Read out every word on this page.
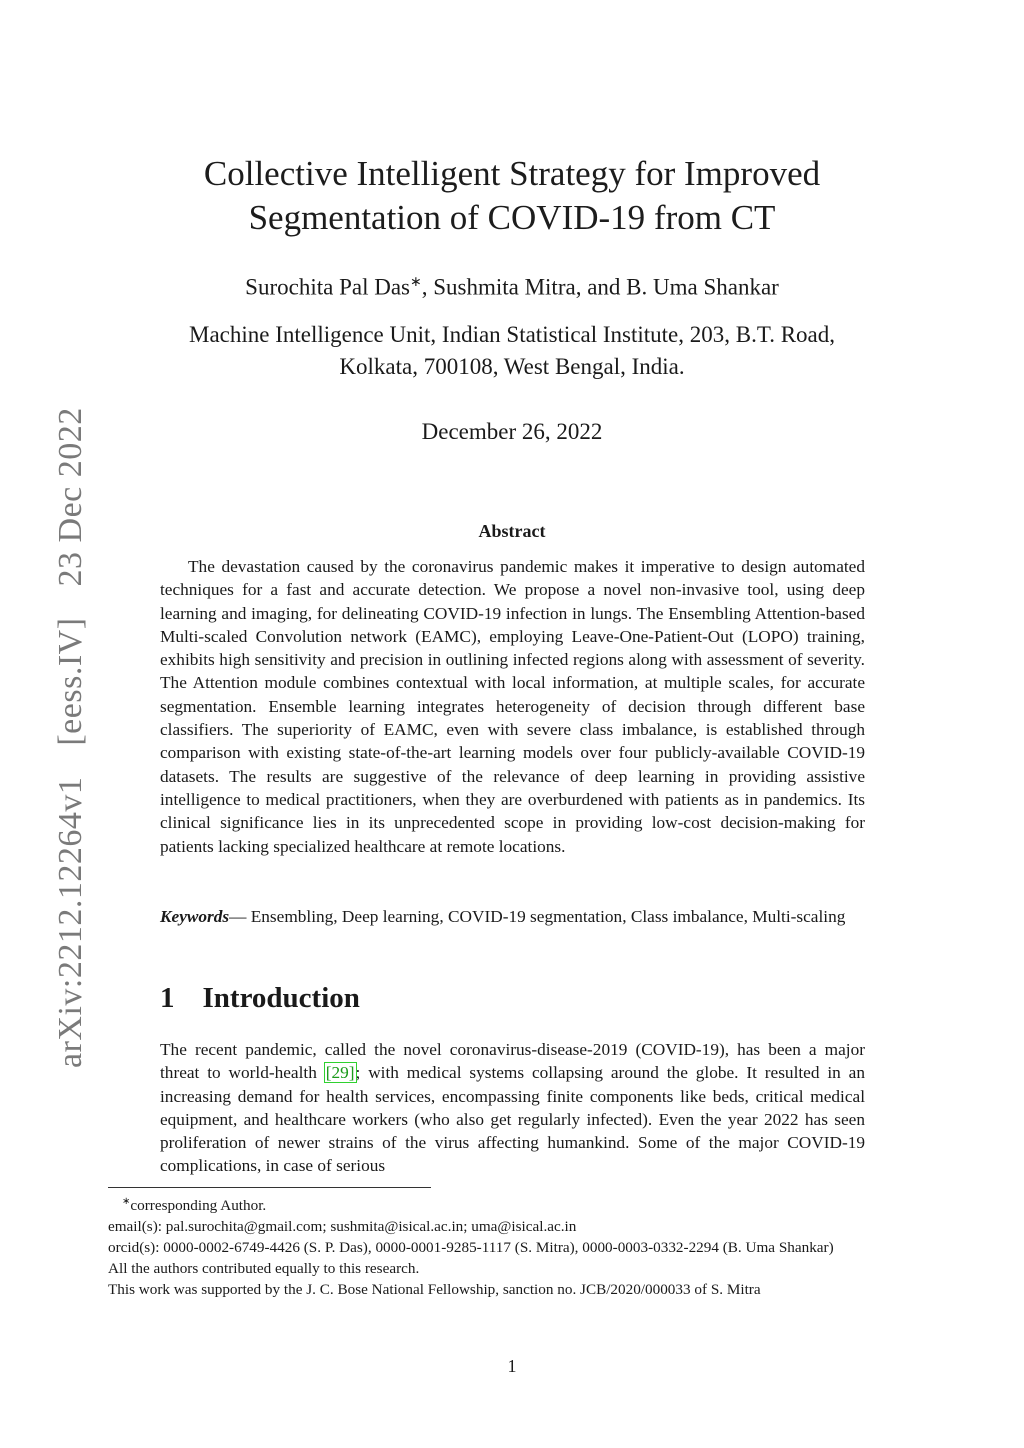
arXiv:2212.12264v1 [eess.IV] 23 Dec 2022
Collective Intelligent Strategy for Improved
Segmentation of COVID-19 from CT
Surochita Pal Das∗, Sushmita Mitra, and B. Uma Shankar
Machine Intelligence Unit, Indian Statistical Institute, 203, B.T. Road,
Kolkata, 700108, West Bengal, India.
December 26, 2022
Abstract
The devastation caused by the coronavirus pandemic makes it imperative to design automated techniques for a fast and accurate detection. We propose a novel non-invasive tool, using deep learning and imaging, for delineating COVID-19 infection in lungs. The Ensembling Attention-based Multi-scaled Convolution network (EAMC), employing Leave-One-Patient-Out (LOPO) training, exhibits high sensitivity and precision in outlining infected regions along with assessment of severity. The Attention module combines contextual with local information, at multiple scales, for accurate segmentation. Ensemble learning integrates heterogeneity of decision through different base classifiers. The superiority of EAMC, even with severe class imbalance, is established through comparison with existing state-of-the-art learning models over four publicly-available COVID-19 datasets. The results are suggestive of the relevance of deep learning in providing assistive intelligence to medical practitioners, when they are overburdened with patients as in pandemics. Its clinical significance lies in its unprecedented scope in providing low-cost decision-making for patients lacking specialized healthcare at remote locations.
Keywords— Ensembling, Deep learning, COVID-19 segmentation, Class imbalance, Multi-scaling
1 Introduction
The recent pandemic, called the novel coronavirus-disease-2019 (COVID-19), has been a major threat to world-health [29]; with medical systems collapsing around the globe. It resulted in an increasing demand for health services, encompassing finite components like beds, critical medical equipment, and healthcare workers (who also get regularly infected). Even the year 2022 has seen proliferation of newer strains of the virus affecting humankind. Some of the major COVID-19 complications, in case of serious

∗corresponding Author.

email(s): pal.surochita@gmail.com; sushmita@isical.ac.in; uma@isical.ac.in

orcid(s): 0000-0002-6749-4426 (S. P. Das), 0000-0001-9285-1117 (S. Mitra), 0000-0003-0332-2294 (B. Uma Shankar)

All the authors contributed equally to this research.

This work was supported by the J. C. Bose National Fellowship, sanction no. JCB/2020/000033 of S. Mitra

1
